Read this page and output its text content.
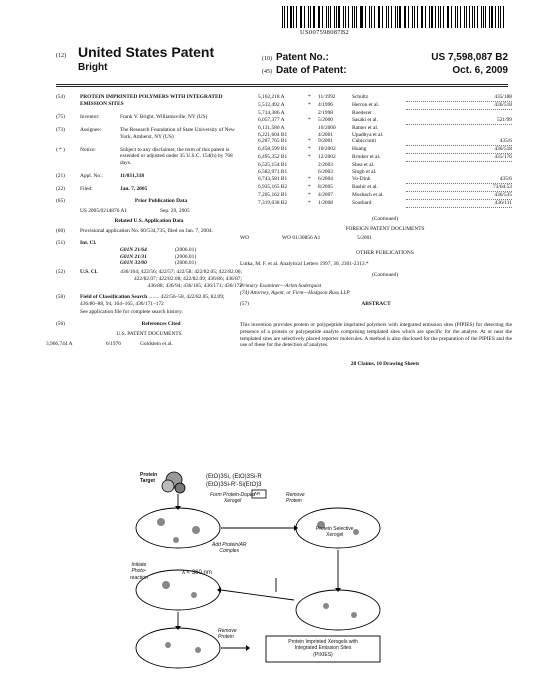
US007598087B2
(12) United States Patent
Bright
(10) Patent No.:	US 7,598,087 B2
(45) Date of Patent:	Oct. 6, 2009
(54)	PROTEIN IMPRINTED POLYMERS WITH INTEGRATED EMISSION SITES
(75)	Inventor:	Frank V. Bright, Williamsville, NY (US)
(73)	Assignee:	The Research Foundation of State University of New York, Amherst, NY (US)
( * )	Notice:	Subject to any disclaimer, the term of this patent is extended or adjusted under 35 U.S.C. 154(b) by 768 days.
(21)	Appl. No.:	11/031,318
(22)	Filed:	Jan. 7, 2005
(65)	Prior Publication Data
US 2005/0214876 A1	Sep. 29, 2005
Related U.S. Application Data
(60)	Provisional application No. 60/534,735, filed on Jan. 7, 2004.
(51)	Int. Cl.
G01N 21/64	(2006.01)
G01N 21/31	(2006.01)
G01N 33/00	(2006.01)
(52)	U.S. Cl.	436/164; 422/56; 422/57; 422/58; 422/82.05; 422/82.06; 422/82.07; 422/82.08; 422/82.09; 436/86; 436/87; 436/88; 436/94; 436/165; 436/171; 436/172
(58)	Field of Classification Search ........ 422/56–58, 422/82.05, 82.09; 436/86–88, 94, 164–165, 436/171–172
See application file for complete search history.
(56)	References Cited
U.S. PATENT DOCUMENTS
3,966,744 A	6/1976	Goldstein et al.
5,162,218 A	*	11/1992	Schultz	435/188
5,512,492 A	*	4/1996	Herron et al.	436/518
5,714,386 A	2/1998	Roederer
6,057,377 A	*	5/2000	Sasaki et al.	521/99
6,131,580 A	10/2000	Ratner et al.
6,221,604 B1	4/2001	Upadhya et al.
6,287,765 B1	*	9/2001	Cubicciotti	435/6
6,458,599 B1	*	10/2002	Huang	436/518
6,495,352 B1	*	12/2002	Brinker et al.	435/176
6,525,154 B1	2/2003	Shea et al.
6,582,971 B1	6/2003	Singh et al.
6,743,581 B1	*	6/2004	Vo-Dinh	435/6
6,935,165 B2	*	8/2005	Bashir et al.	73/64.53
7,205,162 B1	*	4/2007	Mosbach et al.	436/535
7,319,038 B2	*	1/2008	Southard	436/111
(Continued)
FOREIGN PATENT DOCUMENTS
WO	WO 01/30856 A1	5/2001
OTHER PUBLICATIONS
Lutka, M. F. et al. Analytical Letters 1997, 30, 2301-2313.*
(Continued)
Primary Examiner—Arlen Soderquist
(74) Attorney, Agent, or Firm—Hodgson Russ LLP
(57)	ABSTRACT
This invention provides protein or polypeptide imprinted polymers with integrated emission sites (PIPIES) for detecting the presence of a protein or polypeptide analyte comprising templated sites which are specific for the analyte. At or near the templated sites are selectively placed reporter molecules. A method is also disclosed for the preparation of the PIPIES and the use of these for the detection of analytes.
28 Claims, 10 Drawing Sheets
Protein
Target
(EtO)3Si, (EtO)3Si-R
(EtO)3Si-R'-Si(EtO)3
Form Protein-Doped
Xerogel
AR	Remove
Protein
Add Protein/AR
Complex
Protein Selective
Xerogel
Initiate
Photo-
reaction
λ < 360 nm
Remove
Protein
Protein Imprinted Xerogels with
Integrated Emission Sites
(PIXIES)
